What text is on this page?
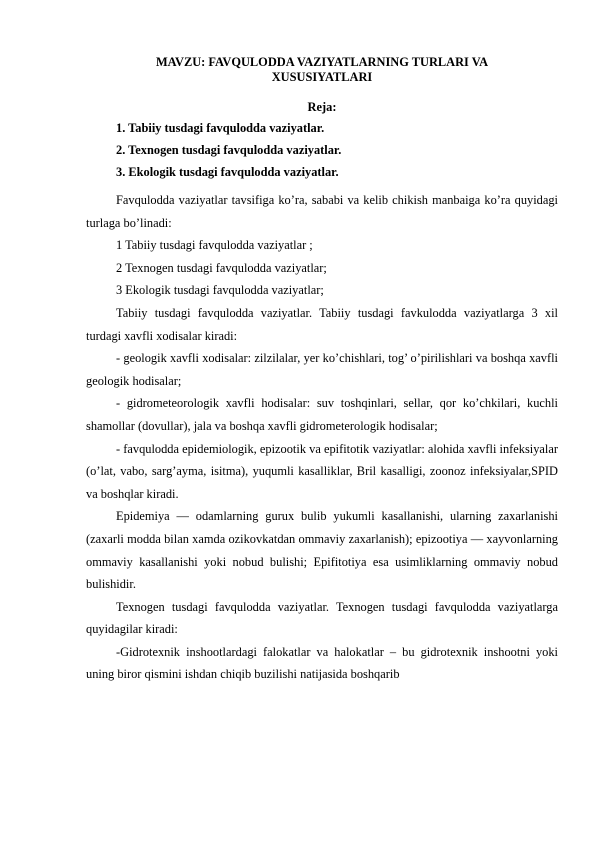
MAVZU: FAVQULODDA VAZIYATLARNING TURLARI VA
XUSUSIYATLARI
Reja:

1. Tabiiy tusdagi favqulodda vaziyatlar.

2. Texnogen tusdagi favqulodda vaziyatlar.

3. Ekologik tusdagi favqulodda vaziyatlar.

Favqulodda vaziyatlar tavsifiga ko’ra, sababi va kelib chikish manbaiga ko’ra quyidagi turlaga bo’linadi:

1 Tabiiy tusdagi favqulodda vaziyatlar ;

2 Texnogen tusdagi favqulodda vaziyatlar;

3 Ekologik tusdagi favqulodda vaziyatlar;

Tabiiy tusdagi favqulodda vaziyatlar. Tabiiy tusdagi favkulodda vaziyatlarga 3 xil turdagi xavfli xodisalar kiradi:

- geologik xavfli xodisalar: zilzilalar, yer ko’chishlari, tog’ o’pirilishlari va boshqa xavfli geologik hodisalar;

- gidrometeorologik xavfli hodisalar: suv toshqinlari, sellar, qor ko’chkilari, kuchli shamollar (dovullar), jala va boshqa xavfli gidrometerologik hodisalar;

- favqulodda epidemiologik, epizootik va epifitotik vaziyatlar: alohida xavfli infeksiyalar (o’lat, vabo, sarg’ayma, isitma), yuqumli kasalliklar, Bril kasalligi, zoonoz infeksiyalar,SPID va boshqlar kiradi.

Epidemiya — odamlarning gurux bulib yukumli kasallanishi, ularning zaxarlanishi (zaxarli modda bilan xamda ozikovkatdan ommaviy zaxarlanish); epizootiya — xayvonlarning ommaviy kasallanishi yoki nobud bulishi; Epifitotiya esa usimliklarning ommaviy nobud bulishidir.

Texnogen tusdagi favqulodda vaziyatlar. Texnogen tusdagi favqulodda vaziyatlarga quyidagilar kiradi:

-Gidrotexnik inshootlardagi falokatlar va halokatlar – bu gidrotexnik inshootni yoki uning biror qismini ishdan chiqib buzilishi natijasida boshqarib
